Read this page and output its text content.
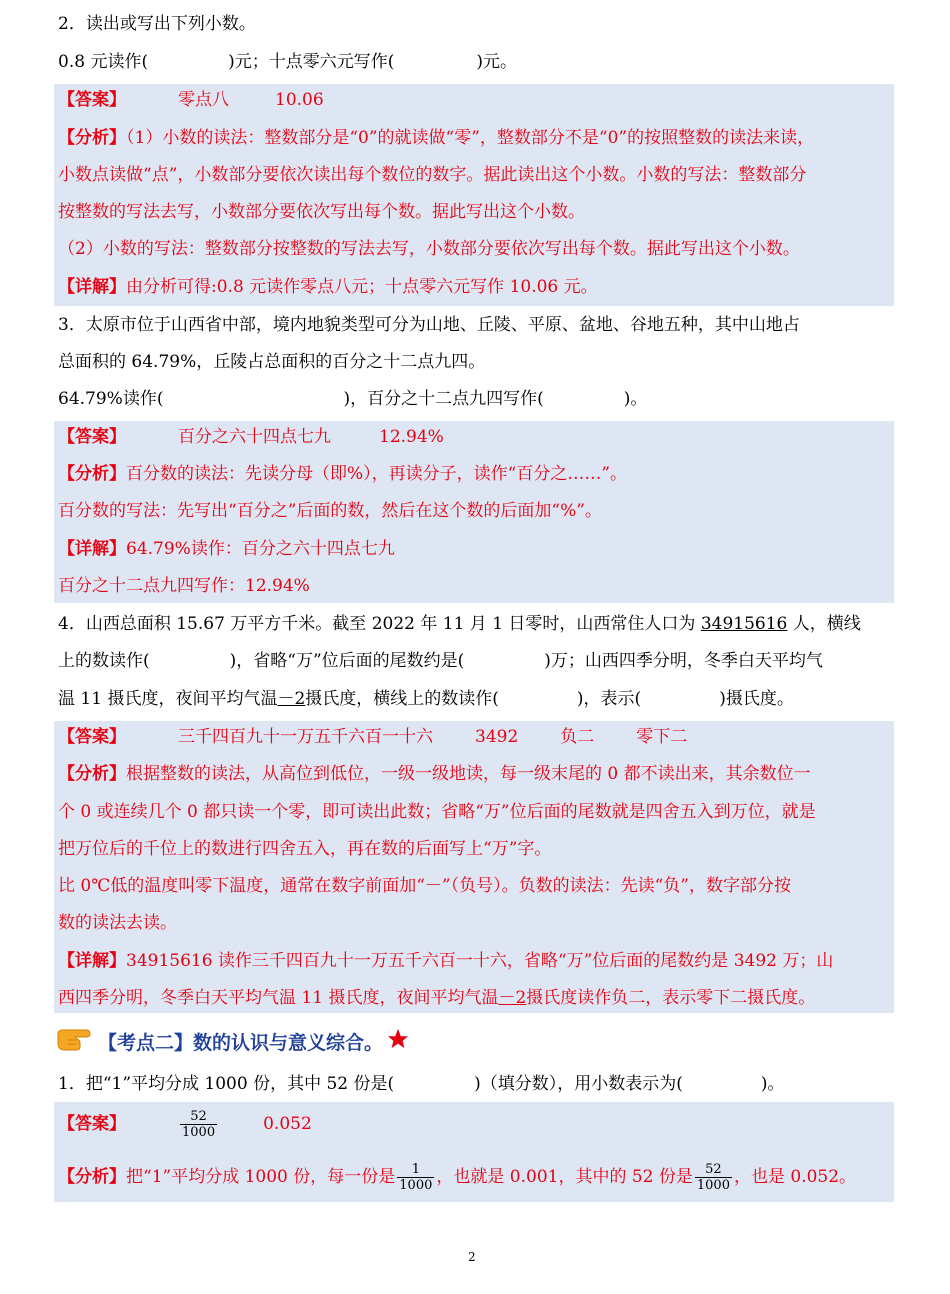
2．读出或写出下列小数。
0.8 元读作(	)元；十点零六元写作(	)元。
【答案】	零点八	10.06
【分析】（1）小数的读法：整数部分是“0”的就读做“零”，整数部分不是“0”的按照整数的读法来读，
小数点读做“点”，小数部分要依次读出每个数位的数字。据此读出这个小数。小数的写法：整数部分
按整数的写法去写，小数部分要依次写出每个数。据此写出这个小数。
（2）小数的写法：整数部分按整数的写法去写，小数部分要依次写出每个数。据此写出这个小数。
【详解】由分析可得:0.8 元读作零点八元；十点零六元写作 10.06 元。
3．太原市位于山西省中部，境内地貌类型可分为山地、丘陵、平原、盆地、谷地五种，其中山地占
总面积的 64.79%，丘陵占总面积的百分之十二点九四。
64.79%读作(	)，百分之十二点九四写作(	)。
【答案】	百分之六十四点七九	12.94%
【分析】百分数的读法：先读分母（即%），再读分子，读作“百分之……”。
百分数的写法：先写出“百分之”后面的数，然后在这个数的后面加“%”。
【详解】64.79%读作：百分之六十四点七九
百分之十二点九四写作：12.94%
4．山西总面积 15.67 万平方千米。截至 2022 年 11 月 1 日零时，山西常住人口为 34915616 人，横线
上的数读作(	)，省略“万”位后面的尾数约是(	)万；山西四季分明，冬季白天平均气
温 11 摄氏度，夜间平均气温－2摄氏度，横线上的数读作(	)，表示(	)摄氏度。
【答案】	三千四百九十一万五千六百一十六 3492 负二 零下二
【分析】根据整数的读法，从高位到低位，一级一级地读，每一级末尾的 0 都不读出来，其余数位一
个 0 或连续几个 0 都只读一个零，即可读出此数；省略“万”位后面的尾数就是四舍五入到万位，就是
把万位后的千位上的数进行四舍五入，再在数的后面写上“万”字。
比 0℃低的温度叫零下温度，通常在数字前面加“－”（负号）。负数的读法：先读“负”，数字部分按
数的读法去读。
【详解】34915616 读作三千四百九十一万五千六百一十六，省略“万”位后面的尾数约是 3492 万；山
西四季分明，冬季白天平均气温 11 摄氏度，夜间平均气温－2摄氏度读作负二，表示零下二摄氏度。
【考点二】数的认识与意义综合。
1．把“1”平均分成 1000 份，其中 52 份是(	)（填分数），用小数表示为(	)。
【答案】	$\frac{52}{1000}$	0.052
【分析】把“1”平均分成 1000 份，每一份是 $\frac{1}{1000}$ ，也就是 0.001，其中的 52 份是 $\frac{52}{1000}$ ，也是 0.052。
2
